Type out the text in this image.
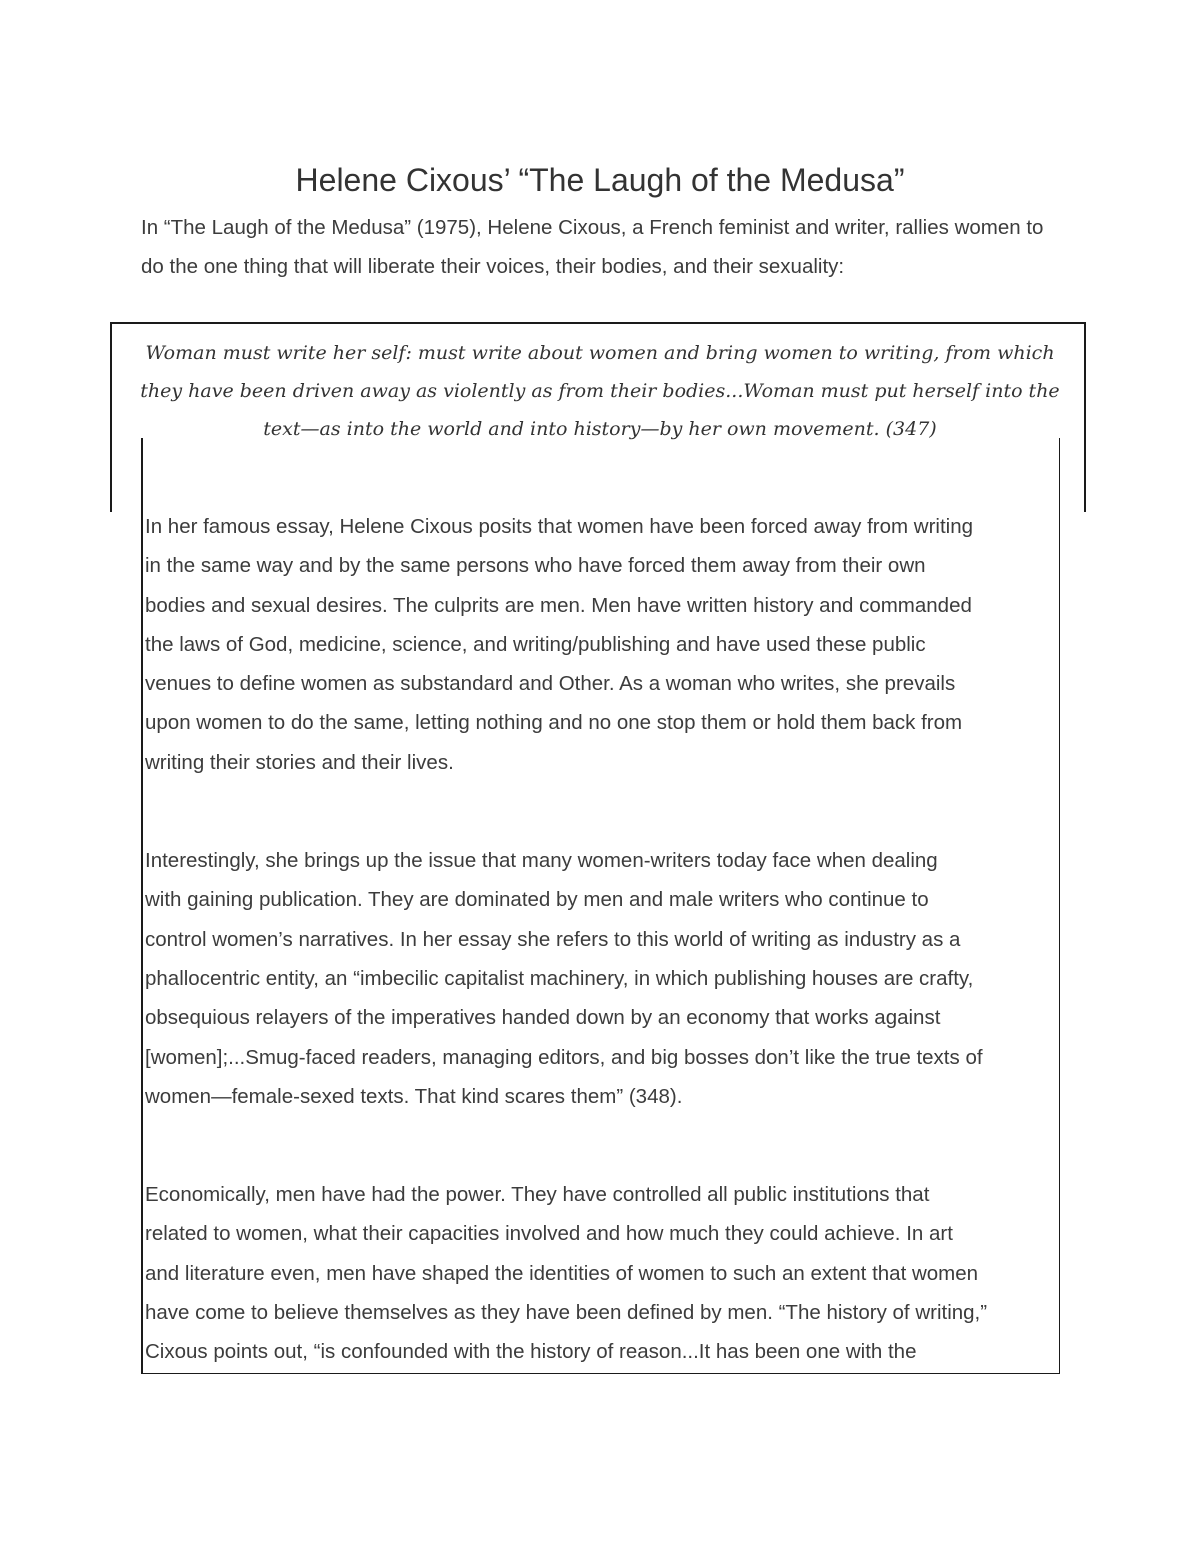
Helene Cixous’ “The Laugh of the Medusa”

In “The Laugh of the Medusa” (1975), Helene Cixous, a French feminist and writer, rallies women to do the one thing that will liberate their voices, their bodies, and their sexuality:

Woman must write her self: must write about women and bring women to writing, from which they have been driven away as violently as from their bodies...Woman must put herself into the text—as into the world and into history—by her own movement. (347)

In her famous essay, Helene Cixous posits that women have been forced away from writing
in the same way and by the same persons who have forced them away from their own
bodies and sexual desires. The culprits are men. Men have written history and commanded
the laws of God, medicine, science, and writing/publishing and have used these public
venues to define women as substandard and Other. As a woman who writes, she prevails
upon women to do the same, letting nothing and no one stop them or hold them back from
writing their stories and their lives.

Interestingly, she brings up the issue that many women-writers today face when dealing
with gaining publication. They are dominated by men and male writers who continue to
control women’s narratives. In her essay she refers to this world of writing as industry as a
phallocentric entity, an “imbecilic capitalist machinery, in which publishing houses are crafty,
obsequious relayers of the imperatives handed down by an economy that works against
[women];...Smug-faced readers, managing editors, and big bosses don’t like the true texts of
women—female-sexed texts. That kind scares them” (348).

Economically, men have had the power. They have controlled all public institutions that
related to women, what their capacities involved and how much they could achieve. In art
and literature even, men have shaped the identities of women to such an extent that women
have come to believe themselves as they have been defined by men. “The history of writing,”
Cixous points out, “is confounded with the history of reason...It has been one with the
